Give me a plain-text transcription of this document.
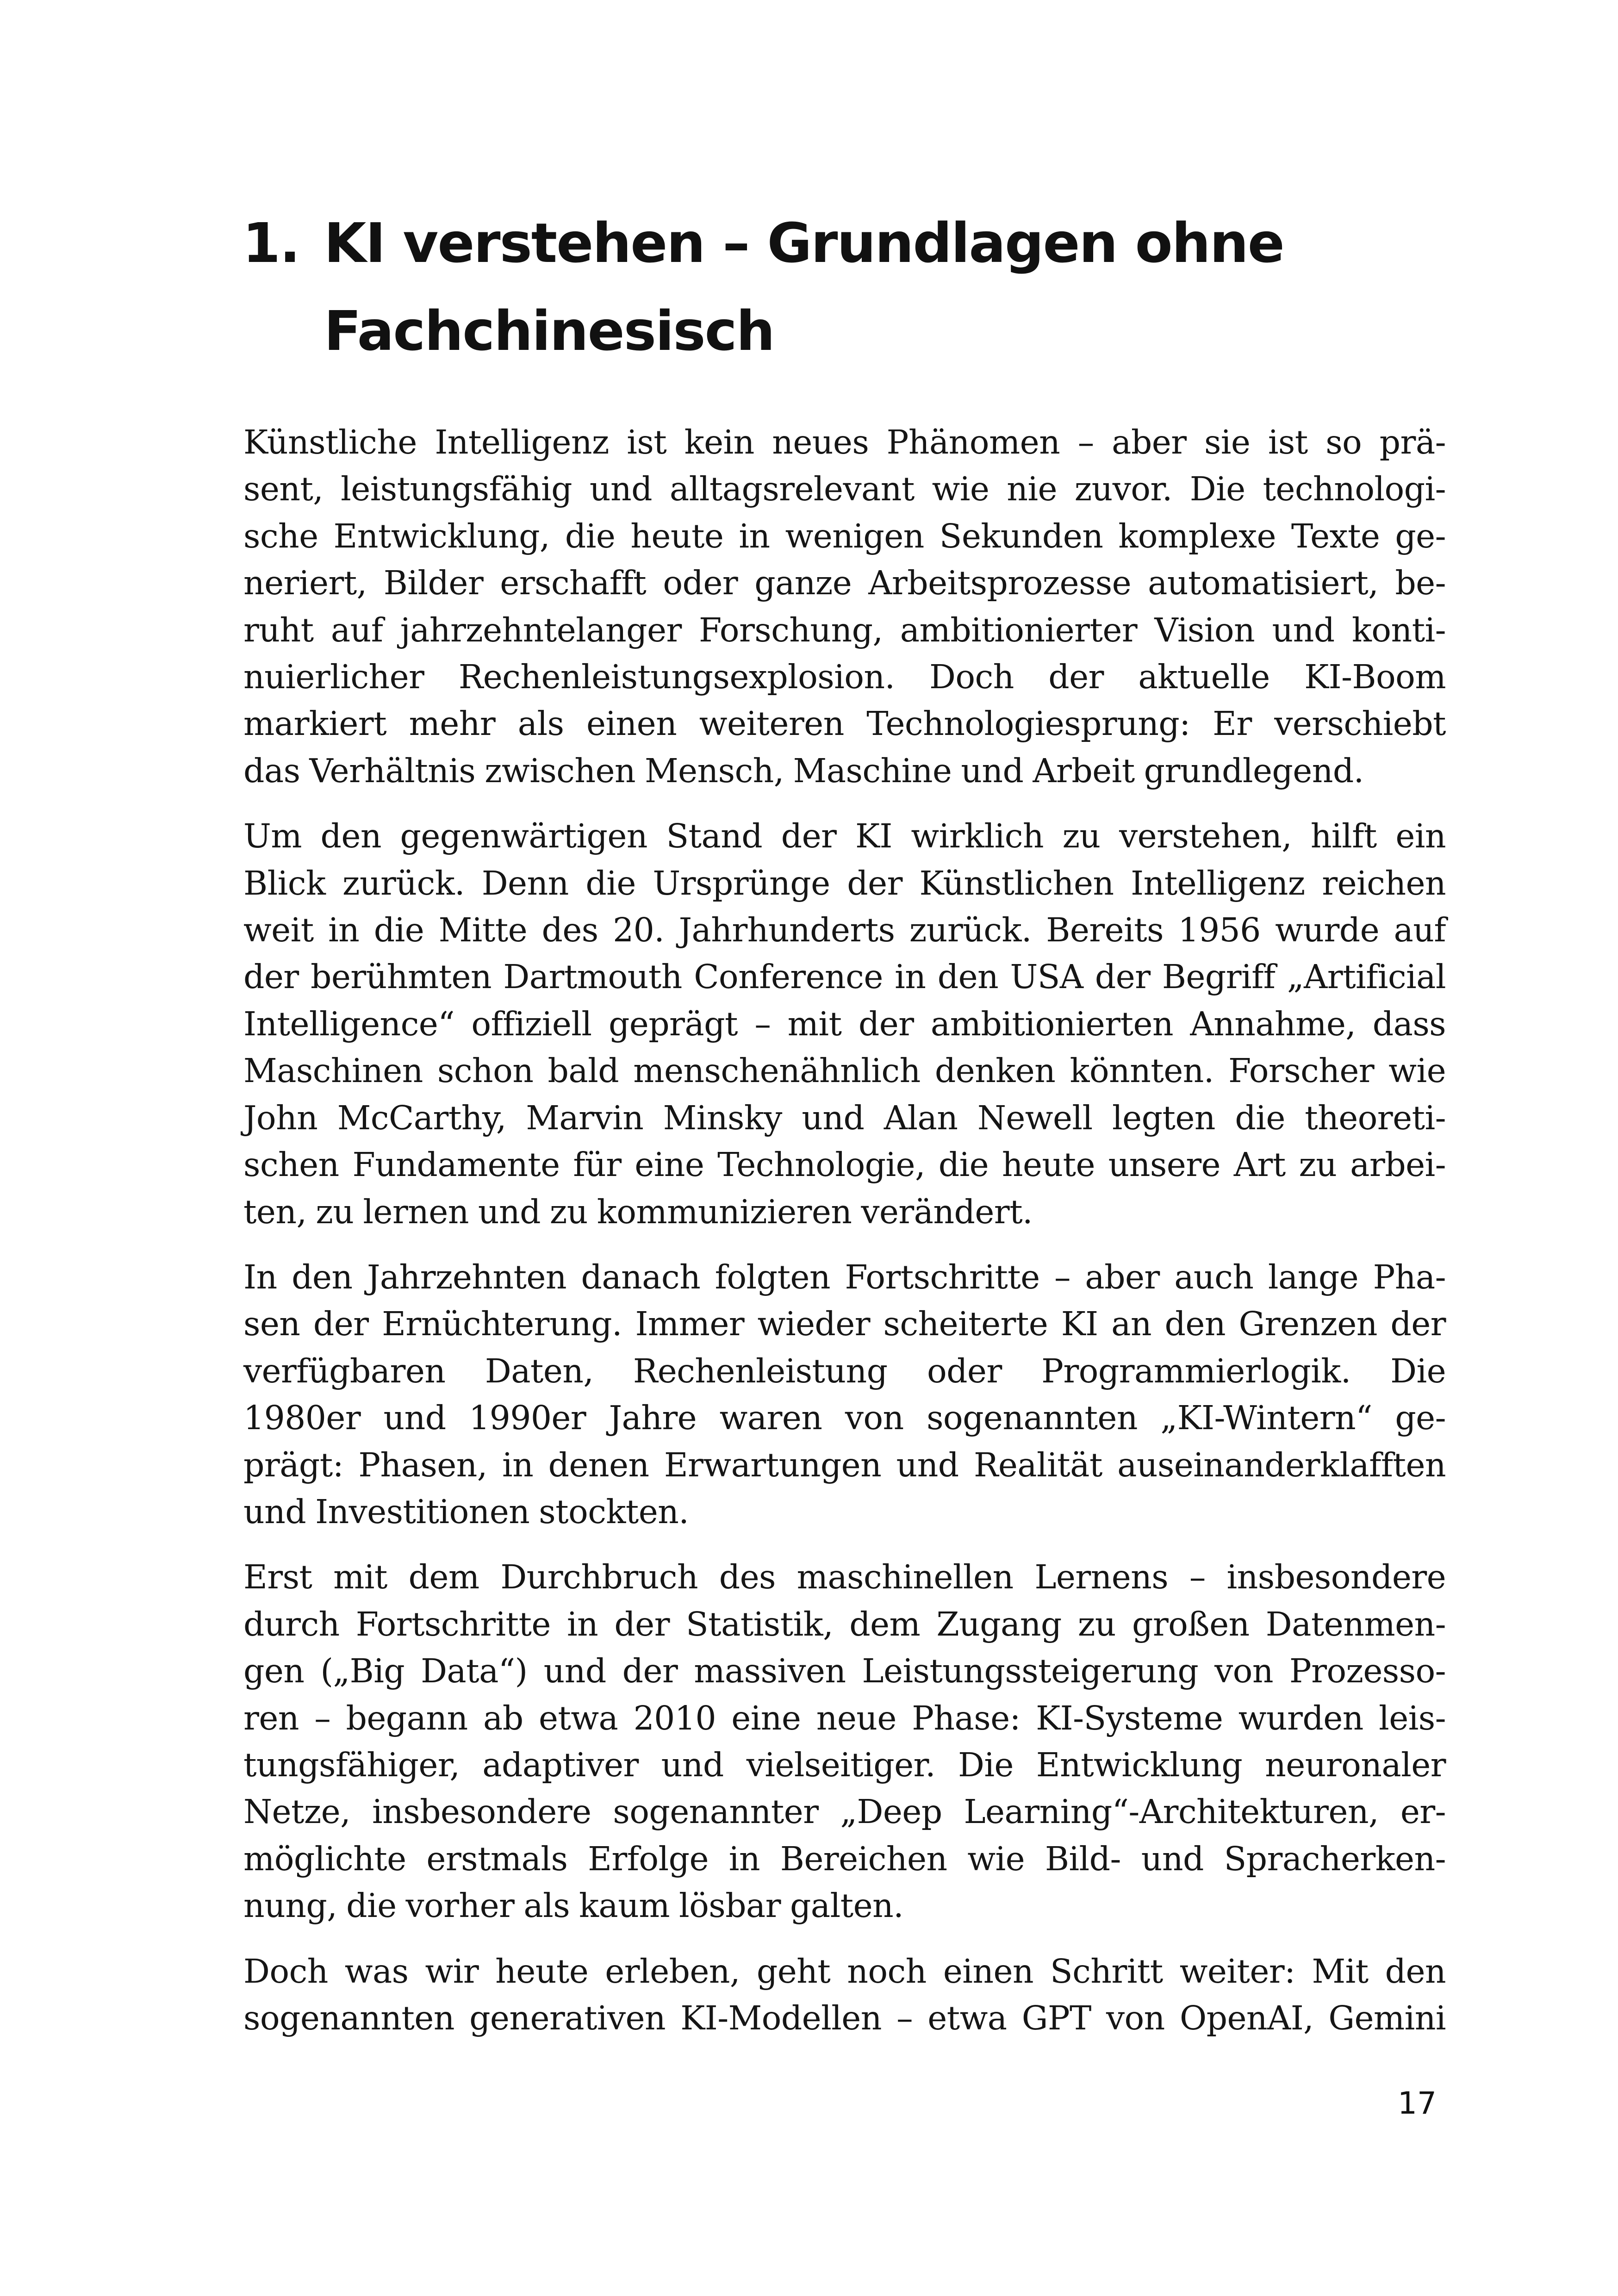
1. KI verstehen – Grundlagen ohne
Fachchinesisch

Künstliche Intelligenz ist kein neues Phänomen – aber sie ist so prä-
sent, leistungsfähig und alltagsrelevant wie nie zuvor. Die technologi-
sche Entwicklung, die heute in wenigen Sekunden komplexe Texte ge-
neriert, Bilder erschafft oder ganze Arbeitsprozesse automatisiert, be-
ruht auf jahrzehntelanger Forschung, ambitionierter Vision und konti-
nuierlicher Rechenleistungsexplosion. Doch der aktuelle KI-Boom
markiert mehr als einen weiteren Technologiesprung: Er verschiebt
das Verhältnis zwischen Mensch, Maschine und Arbeit grundlegend.

Um den gegenwärtigen Stand der KI wirklich zu verstehen, hilft ein
Blick zurück. Denn die Ursprünge der Künstlichen Intelligenz reichen
weit in die Mitte des 20. Jahrhunderts zurück. Bereits 1956 wurde auf
der berühmten Dartmouth Conference in den USA der Begriff „Artificial
Intelligence“ offiziell geprägt – mit der ambitionierten Annahme, dass
Maschinen schon bald menschenähnlich denken könnten. Forscher wie
John McCarthy, Marvin Minsky und Alan Newell legten die theoreti-
schen Fundamente für eine Technologie, die heute unsere Art zu arbei-
ten, zu lernen und zu kommunizieren verändert.

In den Jahrzehnten danach folgten Fortschritte – aber auch lange Pha-
sen der Ernüchterung. Immer wieder scheiterte KI an den Grenzen der
verfügbaren Daten, Rechenleistung oder Programmierlogik. Die
1980er und 1990er Jahre waren von sogenannten „KI-Wintern“ ge-
prägt: Phasen, in denen Erwartungen und Realität auseinanderklafften
und Investitionen stockten.

Erst mit dem Durchbruch des maschinellen Lernens – insbesondere
durch Fortschritte in der Statistik, dem Zugang zu großen Datenmen-
gen („Big Data“) und der massiven Leistungssteigerung von Prozesso-
ren – begann ab etwa 2010 eine neue Phase: KI-Systeme wurden leis-
tungsfähiger, adaptiver und vielseitiger. Die Entwicklung neuronaler
Netze, insbesondere sogenannter „Deep Learning“-Architekturen, er-
möglichte erstmals Erfolge in Bereichen wie Bild- und Spracherken-
nung, die vorher als kaum lösbar galten.

Doch was wir heute erleben, geht noch einen Schritt weiter: Mit den
sogenannten generativen KI-Modellen – etwa GPT von OpenAI, Gemini

17
